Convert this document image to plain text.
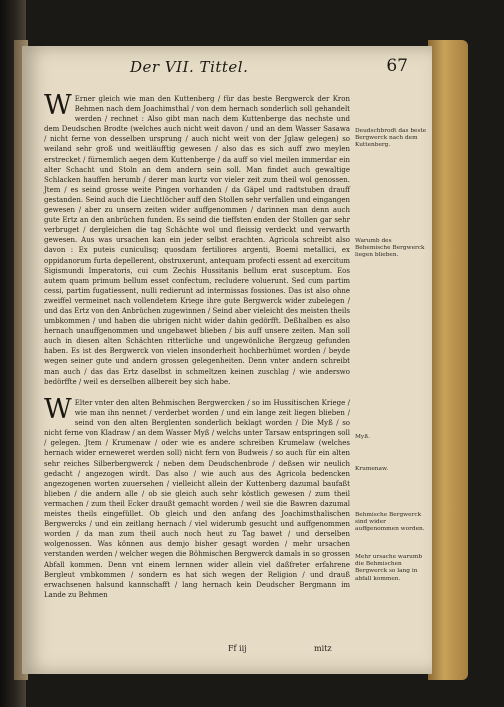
Der VII. Tittel.	67
W Erner gleich wie man den Kuttenberg / für das beste Bergwerck der Kron Behmen nach dem Joachimsthal / von dem hernach sonderlich soll gehandelt werden / rechnet : Also gibt man nach dem Kuttenberge das nechste und dem Deudschen Brodte (welches auch nicht weit davon / und an dem Wasser Sasawa / nicht ferne von desselben ursprung / auch nicht weit von der Jglaw gelegen) so weiland sehr groß und weitläufftig gewesen / also das es sich auff zwo meylen erstrecket / fürnemlich aegen dem Kuttenberge / da auff so viel meilen immerdar ein alter Schacht und Stoln an dem andern sein soll. Man findet auch gewaltige Schlacken hauffen herumb / derer man kurtz vor vieler zeit zum theil wol genossen. Jtem / es seind grosse weite Pingen vorhanden / da Gäpel und radtstuben drauff gestanden. Seind auch die Liechtlöcher auff den Stollen sehr verfallen und eingangen gewesen / aber zu unsern zeiten wider auffgenommen / darinnen man denn auch gute Ertz an den anbrüchen funden. Es seind die tieffsten enden der Stollen gar sehr verbruget / dergleichen die tag Schächte wol und fleissig verdeckt und verwarth gewesen. Aus was ursachen kan ein jeder selbst erachten. Agricola schreibt also davon : Ex puteis cuniculisq; quosdam fertiliores argenti, Boemi metallici, ex oppidanorum furta depellerent, obstruxerunt, antequam profecti essent ad exercitum Sigismundi Imperatoris, cui cum Zechis Hussitanis bellum erat susceptum. Eos autem quam primum bellum esset confectum, recludere voluerunt. Sed cum partim cessi, partim fugatiessent, nulli redierunt ad intermissas fossiones. Das ist also ohne zweiffel vermeinet nach vollendetem Kriege ihre gute Bergwerck wider zubelegen / und das Ertz von den Anbrüchen zugewinnen / Seind aber vieleicht des meisten theils umbkommen / und haben die ubrigen nicht wider dahin gedörfft. Deßhalben es also hernach unauffgenommen und ungebawet blieben / bis auff unsere zeiten. Man soll auch in diesen alten Schächten ritterliche und ungewönliche Bergzeug gefunden haben. Es ist des Bergwerck von vielen insonderheit hochberhümet worden / beyde wegen seiner gute und andern grossen gelegenheiten. Denn vnter andern schreibt man auch / das das Ertz daselbst in schmeltzen keinen zuschlag / wie anderswo bedörffte / weil es derselben allbereit bey sich habe.
W Elter vnter den alten Behmischen Bergwercken / so im Hussitischen Kriege / wie man ihn nennet / verderbet worden / und ein lange zeit liegen blieben / seind von den alten Berglenten sonderlich beklagt worden / Die Myß / so nicht ferne von Kladraw / an dem Wasser Myß / welchs unter Tarsaw entspringen soll / gelegen. Jtem / Krumenaw / oder wie es andere schreiben Krumelaw (welches hernach wider erneweret werden soll) nicht fern von Budweis / so auch für ein alten sehr reiches Silberbergwerck / neben dem Deudschenbrode / deßsen wir neulich gedacht / angezogen wirdt. Das also / wie auch aus des Agricola bedencken angezogenen worten zuuersehen / vielleicht allein der Kuttenberg dazumal baufaßt blieben / die andern alle / ob sie gleich auch sehr köstlich gewesen / zum theil vermachen / zum theil Ecker draußt gemacht worden / weil sie die Bawren dazumal meistes theils eingefüllet. Ob gleich und den anfang des Joachimsthalischen Bergwercks / und ein zeitlang hernach / viel widerumb gesucht und auffgenommen worden / da man zum theil auch noch heut zu Tag bawet / und derselben wolgenossen. Was können aus demjo bisher gesagt worden / mehr ursachen verstanden werden / welcher wegen die Böhmischen Bergwerck damals in so grossen Abfall kommen. Denn vnt einem lernnen wider allein viel daßfreter erfahrene Bergleut vmbkommen / sondern es hat sich wegen der Religion / und drauß erwachsenen halsund kannschafft / lang hernach kein Deudscher Bergmann im Lande zu Behmen
Deudschbrodt das beste Bergwerck nach dem Kuttenberg.
Warumb des Behemische Bergwerck liegen blieben.
Myß.
Krumenaw.
Behmische Bergwerck sind wider auffgenommen worden.
Mehr ursache warumb die Behmischen Bergwerck so lang in abfall kommen.
Ff iij	mitz
